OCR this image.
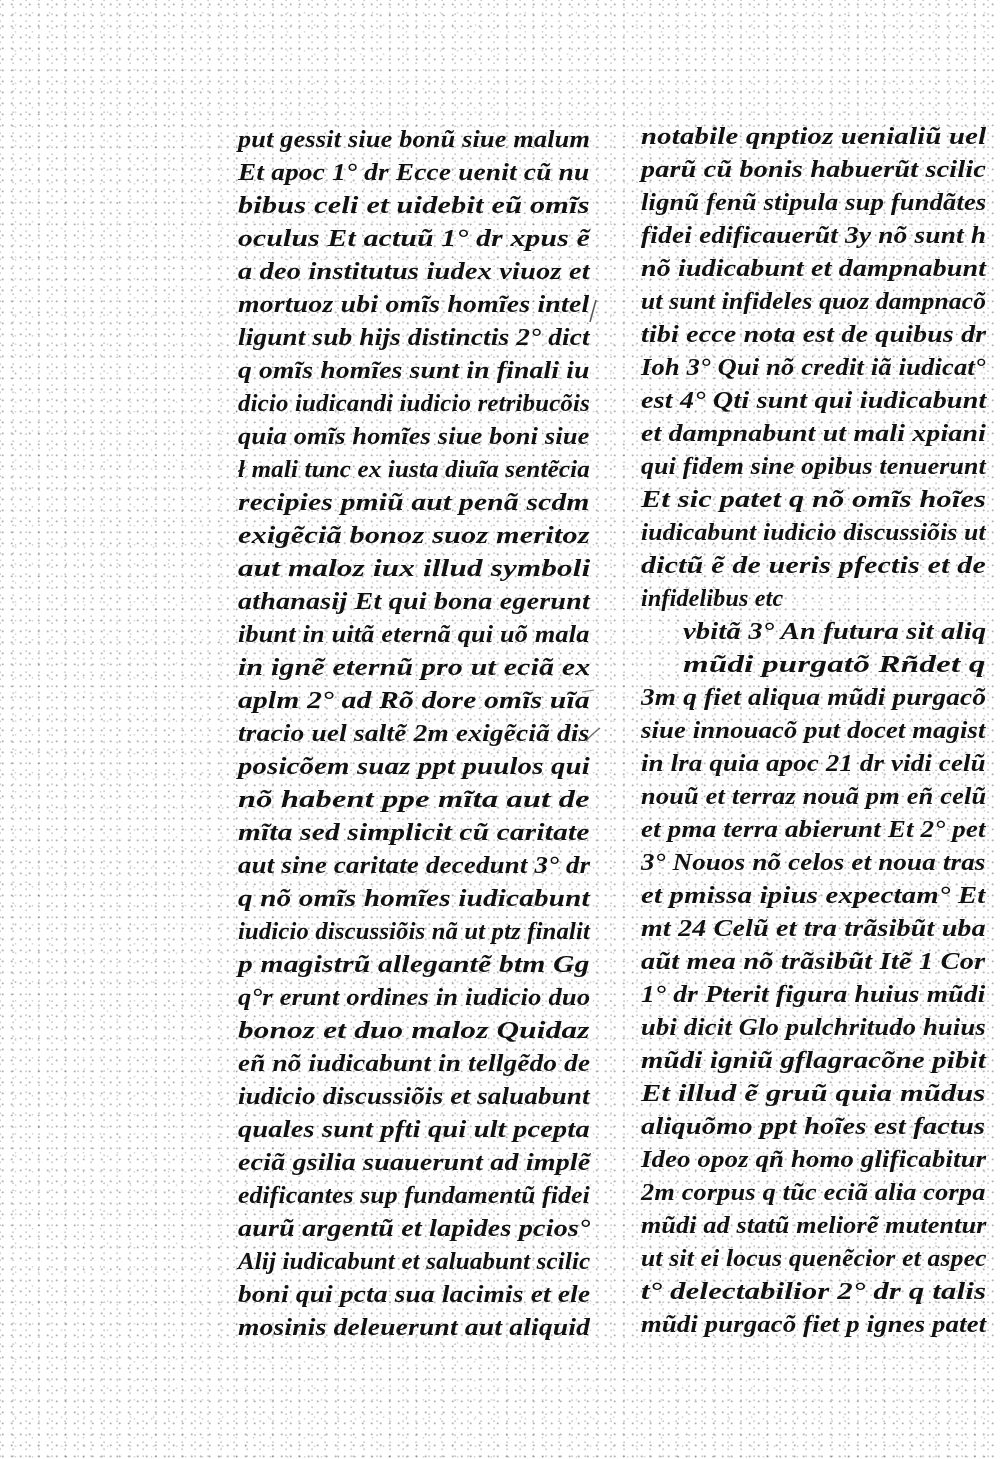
put gessit siue bonũ siue malum
Et apoc 1° dr Ecce uenit cũ nu
bibus celi et uidebit eũ omĩs
oculus Et actuũ 1° dr xpus ẽ
a deo institutus iudex viuoz et
mortuoz ubi omĩs homĩes intel
ligunt sub hijs distinctis 2° dict
q omĩs homĩes sunt in finali iu
dicio iudicandi iudicio retribucõis
quia omĩs homĩes siue boni siue
ł mali tunc ex iusta diuĩa sentẽcia
recipies pmiũ aut penã scdm
exigẽciã bonoz suoz meritoz
aut maloz iux illud symboli
athanasij Et qui bona egerunt
ibunt in uitã eternã qui uõ mala
in ignẽ eternũ pro ut eciã ex
aplm 2° ad Rõ dore omĩs uĩa
tracio uel saltẽ 2m exigẽciã dis
posicõem suaz ppt puulos qui
nõ habent ppe mĩta aut de
mĩta sed simplicit cũ caritate
aut sine caritate decedunt 3° dr
q nõ omĩs homĩes iudicabunt
iudicio discussiõis nã ut ptz finalit
p magistrũ allegantẽ btm Gg
q°r erunt ordines in iudicio duo
bonoz et duo maloz Quidaz
eñ nõ iudicabunt in tellgẽdo de
iudicio discussiõis et saluabunt
quales sunt pfti qui ult pcepta
eciã gsilia suauerunt ad implẽ
edificantes sup fundamentũ fidei
aurũ argentũ et lapides pcios°
Alij iudicabunt et saluabunt scilic
boni qui pcta sua lacimis et ele
mosinis deleuerunt aut aliquid
notabile qnptioz uenialiũ uel
parũ cũ bonis habuerũt scilic
lignũ fenũ stipula sup fundãtes
fidei edificauerũt 3y nõ sunt h
nõ iudicabunt et dampnabunt
ut sunt infideles quoz dampnacõ
tibi ecce nota est de quibus dr
Ioh 3° Qui nõ credit iã iudicat°
est 4° Qti sunt qui iudicabunt
et dampnabunt ut mali xpiani
qui fidem sine opibus tenuerunt
Et sic patet q nõ omĩs hoĩes
iudicabunt iudicio discussiõis ut
dictũ ẽ de ueris pfectis et de
infidelibus etc
vbitã 3° An futura sit aliq
mũdi purgatõ Rñdet q
3m q fiet aliqua mũdi purgacõ
siue innouacõ put docet magist
in lra quia apoc 21 dr vidi celũ
nouũ et terraz nouã pm eñ celũ
et pma terra abierunt Et 2° pet
3° Nouos nõ celos et noua tras
et pmissa ipius expectam° Et
mt 24 Celũ et tra trãsibũt uba
aũt mea nõ trãsibũt Itẽ 1 Cor
1° dr Pterit figura huius mũdi
ubi dicit Glo pulchritudo huius
mũdi igniũ gflagracõne pibit
Et illud ẽ gruũ quia mũdus
aliquõmo ppt hoĩes est factus
Ideo opoz qñ homo glificabitur
2m corpus q tũc eciã alia corpa
mũdi ad statũ meliorẽ mutentur
ut sit ei locus quenẽcior et aspec
t° delectabilior 2° dr q talis
mũdi purgacõ fiet p ignes patet
